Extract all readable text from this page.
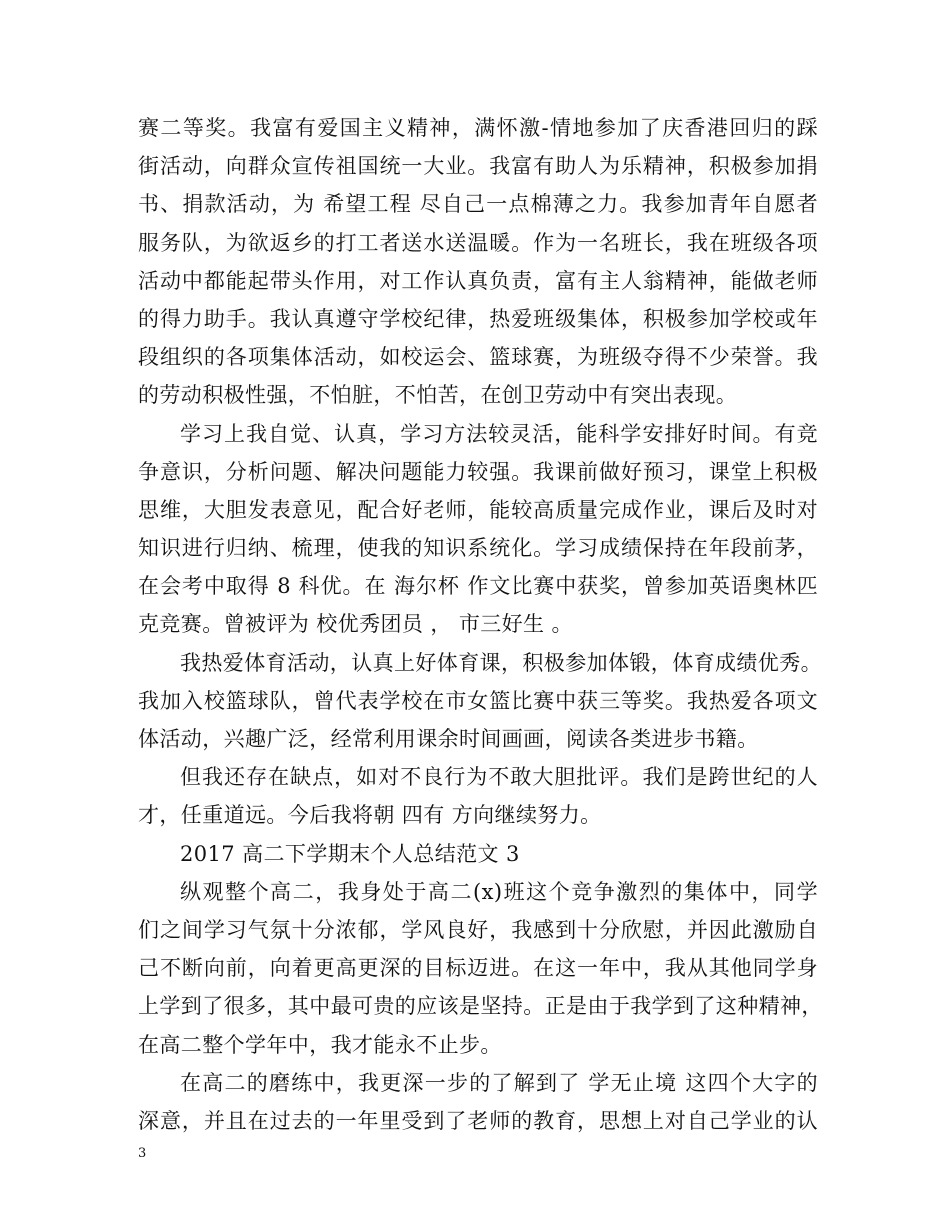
赛二等奖。我富有爱国主义精神，满怀激-情地参加了庆香港回归的踩
街活动，向群众宣传祖国统一大业。我富有助人为乐精神，积极参加捐
书、捐款活动，为 希望工程 尽自己一点棉薄之力。我参加青年自愿者
服务队，为欲返乡的打工者送水送温暖。作为一名班长，我在班级各项
活动中都能起带头作用，对工作认真负责，富有主人翁精神，能做老师
的得力助手。我认真遵守学校纪律，热爱班级集体，积极参加学校或年
段组织的各项集体活动，如校运会、篮球赛，为班级夺得不少荣誉。我
的劳动积极性强，不怕脏，不怕苦，在创卫劳动中有突出表现。
学习上我自觉、认真，学习方法较灵活，能科学安排好时间。有竞
争意识，分析问题、解决问题能力较强。我课前做好预习，课堂上积极
思维，大胆发表意见，配合好老师，能较高质量完成作业，课后及时对
知识进行归纳、梳理，使我的知识系统化。学习成绩保持在年段前茅，
在会考中取得 8 科优。在 海尔杯 作文比赛中获奖，曾参加英语奥林匹
克竞赛。曾被评为 校优秀团员 ， 市三好生 。
我热爱体育活动，认真上好体育课，积极参加体锻，体育成绩优秀。
我加入校篮球队，曾代表学校在市女篮比赛中获三等奖。我热爱各项文
体活动，兴趣广泛，经常利用课余时间画画，阅读各类进步书籍。
但我还存在缺点，如对不良行为不敢大胆批评。我们是跨世纪的人
才，任重道远。今后我将朝 四有 方向继续努力。
2017 高二下学期末个人总结范文 3
纵观整个高二，我身处于高二(x)班这个竞争激烈的集体中，同学
们之间学习气氛十分浓郁，学风良好，我感到十分欣慰，并因此激励自
己不断向前，向着更高更深的目标迈进。在这一年中，我从其他同学身
上学到了很多，其中最可贵的应该是坚持。正是由于我学到了这种精神，
在高二整个学年中，我才能永不止步。
在高二的磨练中，我更深一步的了解到了 学无止境 这四个大字的
深意，并且在过去的一年里受到了老师的教育，思想上对自己学业的认
3
